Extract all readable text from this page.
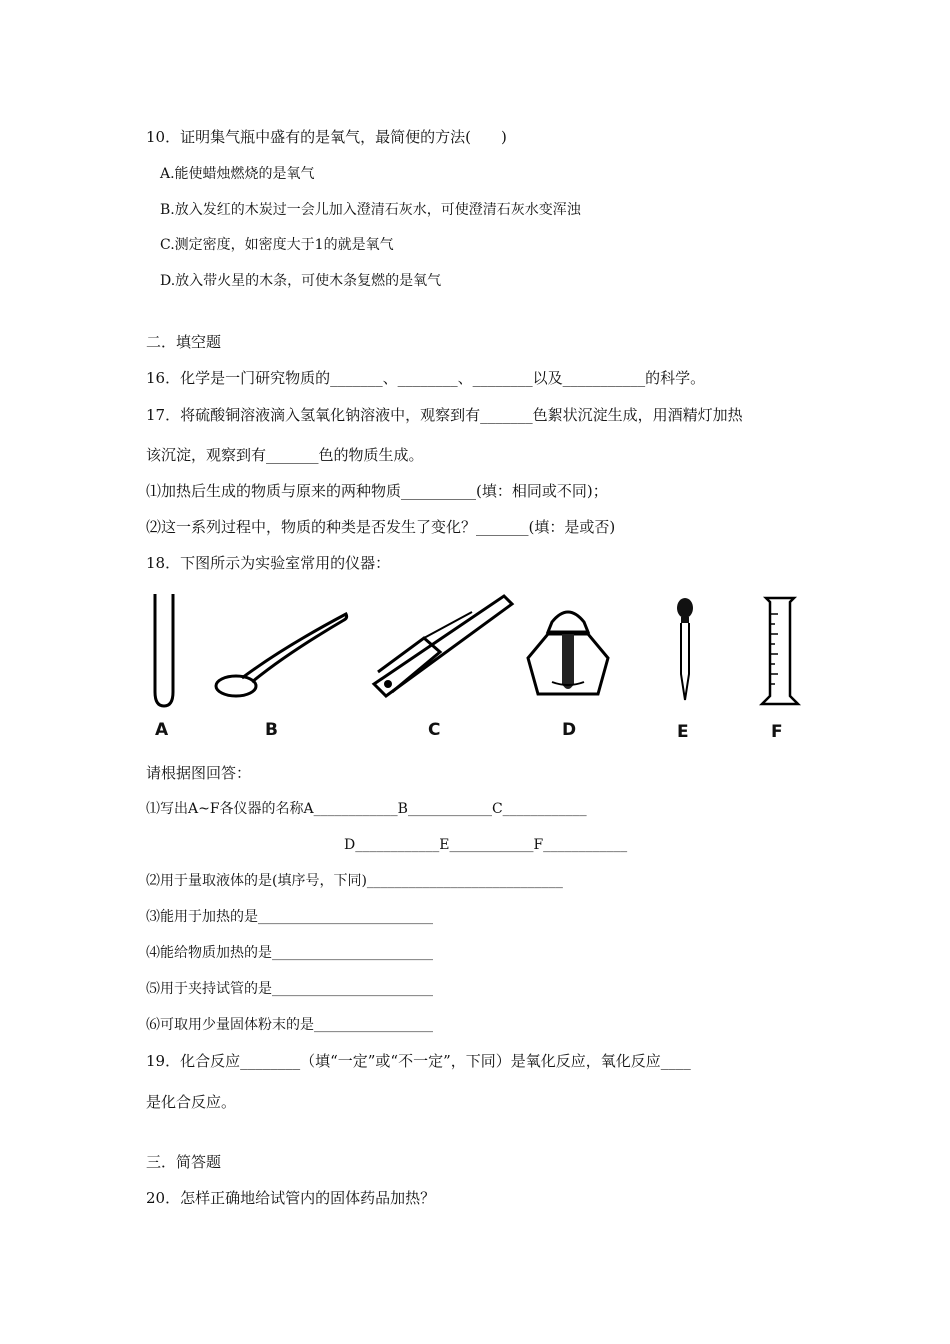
10．证明集气瓶中盛有的是氧气，最简便的方法(　　)
A.能使蜡烛燃烧的是氧气
B.放入发红的木炭过一会儿加入澄清石灰水，可使澄清石灰水变浑浊
C.测定密度，如密度大于1的就是氧气
D.放入带火星的木条，可使木条复燃的是氧气
二．填空题
16．化学是一门研究物质的_______、________、________以及___________的科学。
17．将硫酸铜溶液滴入氢氧化钠溶液中，观察到有_______色絮状沉淀生成，用酒精灯加热
该沉淀，观察到有_______色的物质生成。
⑴加热后生成的物质与原来的两种物质__________(填：相同或不同)；
⑵这一系列过程中，物质的种类是否发生了变化？_______(填：是或否)
18．下图所示为实验室常用的仪器：
A	B	C	D	E	F
请根据图回答：
⑴写出A~F各仪器的名称A____________B____________C____________
D____________E____________F____________
⑵用于量取液体的是(填序号，下同)____________________________
⑶能用于加热的是_________________________
⑷能给物质加热的是_______________________
⑸用于夹持试管的是_______________________
⑹可取用少量固体粉末的是_________________
19．化合反应________（填“一定”或“不一定”，下同）是氧化反应，氧化反应____
是化合反应。
三．简答题
20．怎样正确地给试管内的固体药品加热？
